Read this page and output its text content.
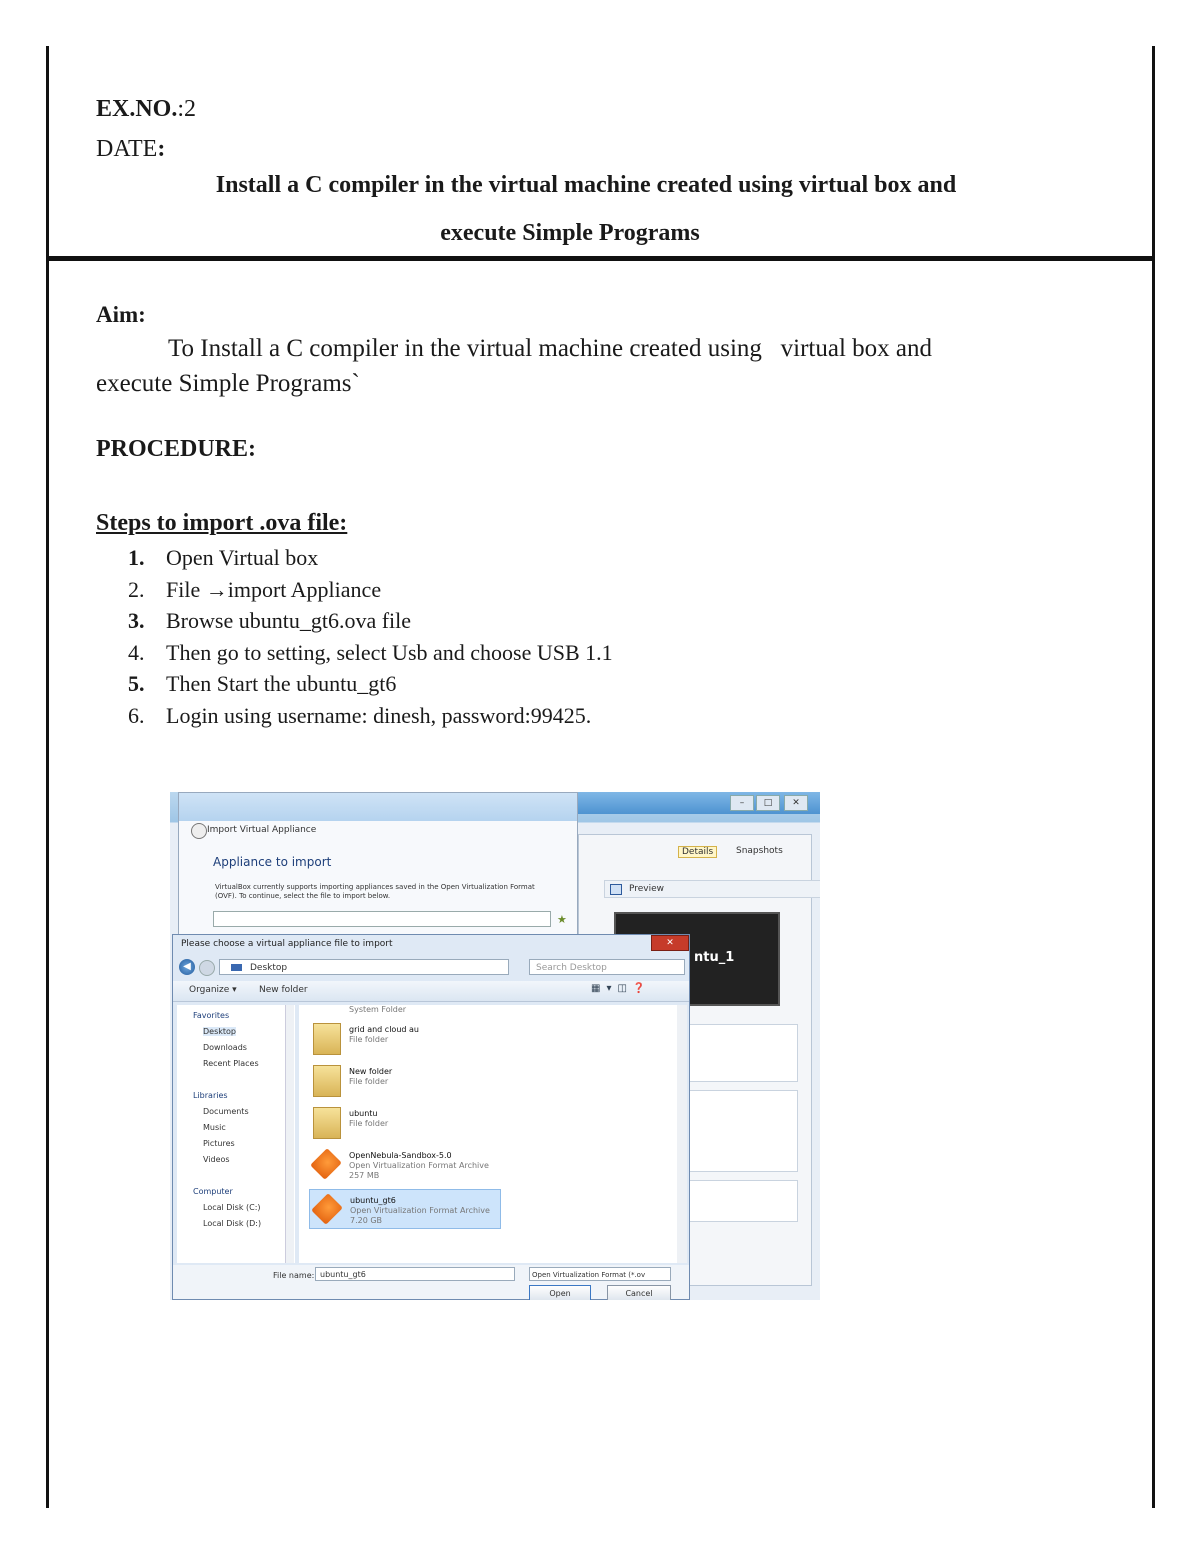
EX.NO.:2
DATE:
Install a C compiler in the virtual machine created using virtual box and
execute Simple Programs
Aim:
To Install a C compiler in the virtual machine created using   virtual box and
execute Simple Programs`
PROCEDURE:
Steps to import .ova file:
1. Open Virtual box
2. File →import Appliance
3. Browse ubuntu_gt6.ova file
4. Then go to setting, select Usb and choose USB 1.1
5. Then Start the ubuntu_gt6
6. Login using username: dinesh, password:99425.
–	□	✕
Details	Snapshots
Preview
ntu_1
Import Virtual Appliance
Appliance to import
VirtualBox currently supports importing appliances saved in the Open Virtualization Format (OVF). To continue, select the file to import below.
★
Please choose a virtual appliance file to import	✕
◀	Desktop	Search Desktop
Organize ▾ New folder	▦▾◫❓
Favorites
Desktop
Downloads
Recent Places
Libraries
Documents
Music
Pictures
Videos
Computer
Local Disk (C:)
Local Disk (D:)
System Folder
grid and cloud au
File folder
New folder
File folder
ubuntu
File folder
OpenNebula-Sandbox-5.0
Open Virtualization Format Archive
257 MB
ubuntu_gt6
Open Virtualization Format Archive
7.20 GB
File name: ubuntu_gt6	Open Virtualization Format (*.ov
Open	Cancel
